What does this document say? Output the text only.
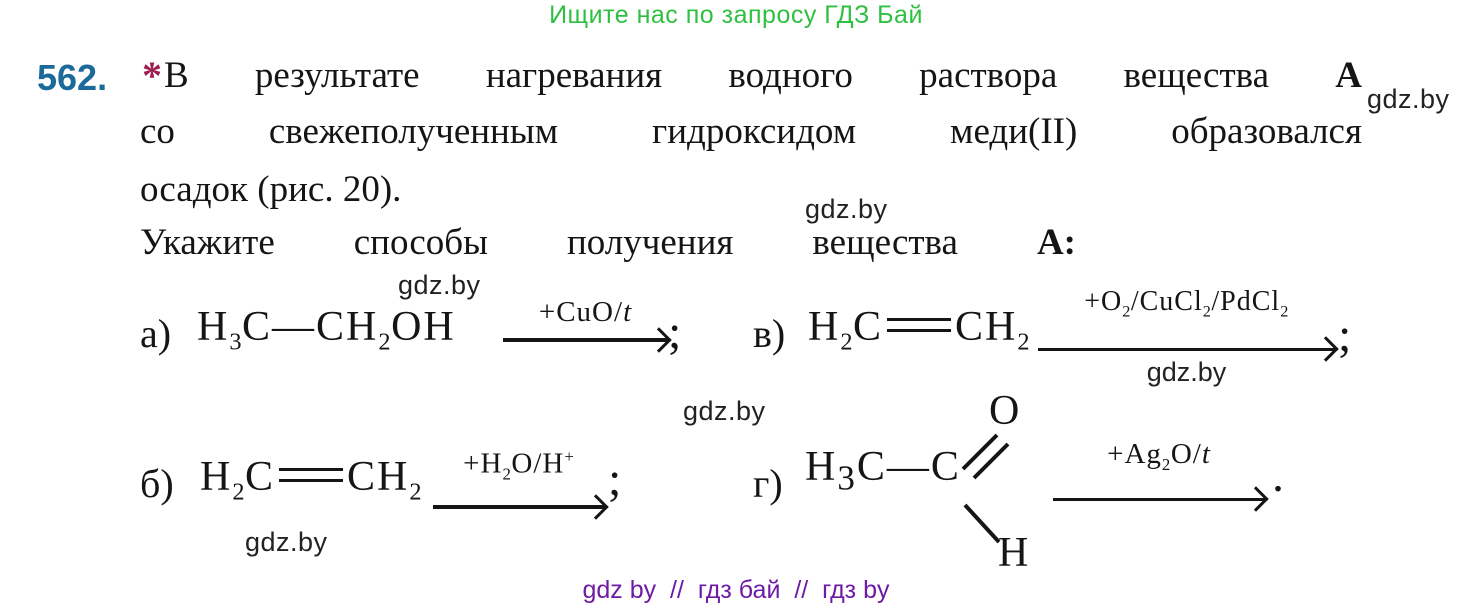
Ищите нас по запросу ГДЗ Бай
562. *В результате нагревания водного раствора вещества А
gdz.by
со свежеполученным гидроксидом меди(II) образовался
осадок (рис. 20).	gdz.by
Укажите способы получения вещества А:
gdz.by
а) $H_3C—CH_2OH$	+CuO/t ; в) $H_2C$ $CH_2$
$+O_2/CuCl_2/PdCl_2$
gdz.by
;
gdz.by
б) $H_2C$ $CH_2$
$+H_2O/H^+$ ;
gdz.by
г) $H_3C—C$
O
H
$+Ag_2O/t$	.
gdz by  //  гдз бай  //  гдз by
